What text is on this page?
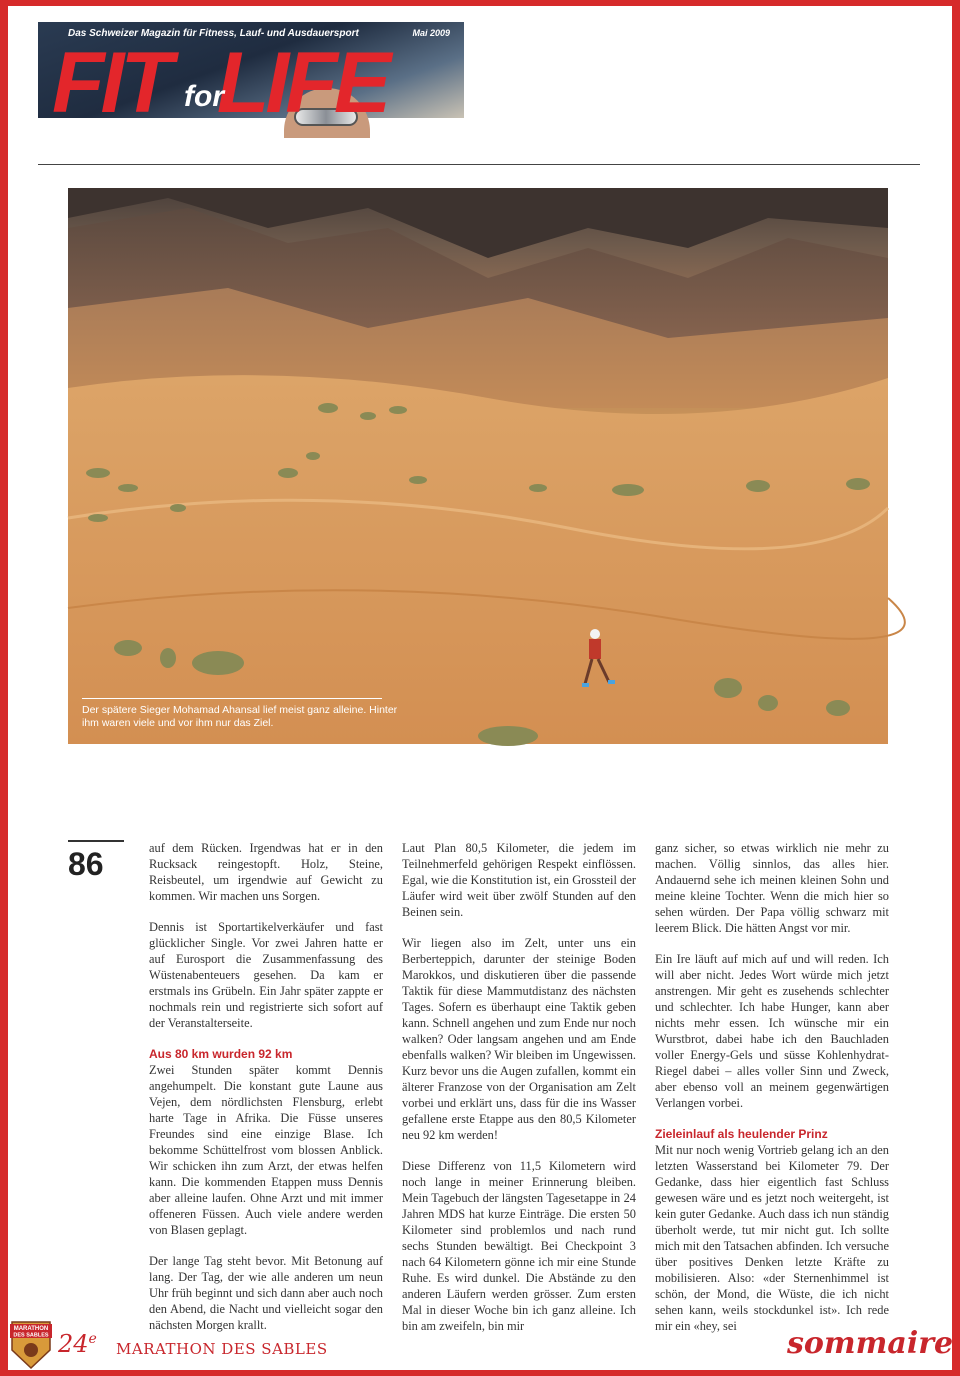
Das Schweizer Magazin für Fitness, Lauf- und Ausdauersport	Mai 2009
FIT LIFE
for

Der spätere Sieger Mohamad Ahansal lief meist ganz alleine. Hinter ihm waren viele und vor ihm nur das Ziel.

86	auf dem Rücken. Irgendwas hat er in den Rucksack reingestopft. Holz, Steine, Reisbeutel, um irgendwie auf Gewicht zu kommen. Wir machen uns Sorgen.

Dennis ist Sportartikelverkäufer und fast glücklicher Single. Vor zwei Jahren hatte er auf Eurosport die Zusammenfassung des Wüstenabenteuers gesehen. Da kam er erstmals ins Grübeln. Ein Jahr später zappte er nochmals rein und registrierte sich sofort auf der Veranstalterseite.

Aus 80 km wurden 92 km

Zwei Stunden später kommt Dennis angehumpelt. Die konstant gute Laune aus Vejen, dem nördlichsten Flensburg, erlebt harte Tage in Afrika. Die Füsse unseres Freundes sind eine einzige Blase. Ich bekomme Schüttelfrost vom blossen Anblick. Wir schicken ihn zum Arzt, der etwas helfen kann. Die kommenden Etappen muss Dennis aber alleine laufen. Ohne Arzt und mit immer offeneren Füssen. Auch viele andere werden von Blasen geplagt.

Der lange Tag steht bevor. Mit Betonung auf lang. Der Tag, der wie alle anderen um neun Uhr früh beginnt und sich dann aber auch noch den Abend, die Nacht und vielleicht sogar den nächsten Morgen krallt.

Laut Plan 80,5 Kilometer, die jedem im Teilnehmerfeld gehörigen Respekt einflössen. Egal, wie die Konstitution ist, ein Grossteil der Läufer wird weit über zwölf Stunden auf den Beinen sein.

Wir liegen also im Zelt, unter uns ein Berberteppich, darunter der steinige Boden Marokkos, und diskutieren über die passende Taktik für diese Mammutdistanz des nächsten Tages. Sofern es überhaupt eine Taktik geben kann. Schnell angehen und zum Ende nur noch walken? Oder langsam angehen und am Ende ebenfalls walken? Wir bleiben im Ungewissen. Kurz bevor uns die Augen zufallen, kommt ein älterer Franzose von der Organisation am Zelt vorbei und erklärt uns, dass für die ins Wasser gefallene erste Etappe aus den 80,5 Kilometer neu 92 km werden!

Diese Differenz von 11,5 Kilometern wird noch lange in meiner Erinnerung bleiben. Mein Tagebuch der längsten Tagesetappe in 24 Jahren MDS hat kurze Einträge. Die ersten 50 Kilometer sind problemlos und nach rund sechs Stunden bewältigt. Bei Checkpoint 3 nach 64 Kilometern gönne ich mir eine Stunde Ruhe. Es wird dunkel. Die Abstände zu den anderen Läufern werden grösser. Zum ersten Mal in dieser Woche bin ich ganz alleine. Ich bin am zweifeln, bin mir

ganz sicher, so etwas wirklich nie mehr zu machen. Völlig sinnlos, das alles hier. Andauernd sehe ich meinen kleinen Sohn und meine kleine Tochter. Wenn die mich hier so sehen würden. Der Papa völlig schwarz mit leerem Blick. Die hätten Angst vor mir.

Ein Ire läuft auf mich auf und will reden. Ich will aber nicht. Jedes Wort würde mich jetzt anstrengen. Mir geht es zusehends schlechter und schlechter. Ich habe Hunger, kann aber nichts mehr essen. Ich wünsche mir ein Wurstbrot, dabei habe ich den Bauchladen voller Energy-Gels und süsse Kohlenhydrat-Riegel dabei – alles voller Sinn und Zweck, aber ebenso voll an meinem gegenwärtigen Verlangen vorbei.

Zieleinlauf als heulender Prinz

Mit nur noch wenig Vortrieb gelang ich an den letzten Wasserstand bei Kilometer 79. Der Gedanke, dass hier eigentlich fast Schluss gewesen wäre und es jetzt noch weitergeht, ist kein guter Gedanke. Auch dass ich nun ständig überholt werde, tut mir nicht gut. Ich sollte mich mit den Tatsachen abfinden. Ich versuche über positives Denken letzte Kräfte zu mobilisieren. Also: «der Sternenhimmel ist schön, der Mond, die Wüste, die ich nicht sehen kann, weils stockdunkel ist». Ich rede mir ein «hey, sei

MARATHON
DES SABLES 24e
MARATHON DES SABLES	sommaire
